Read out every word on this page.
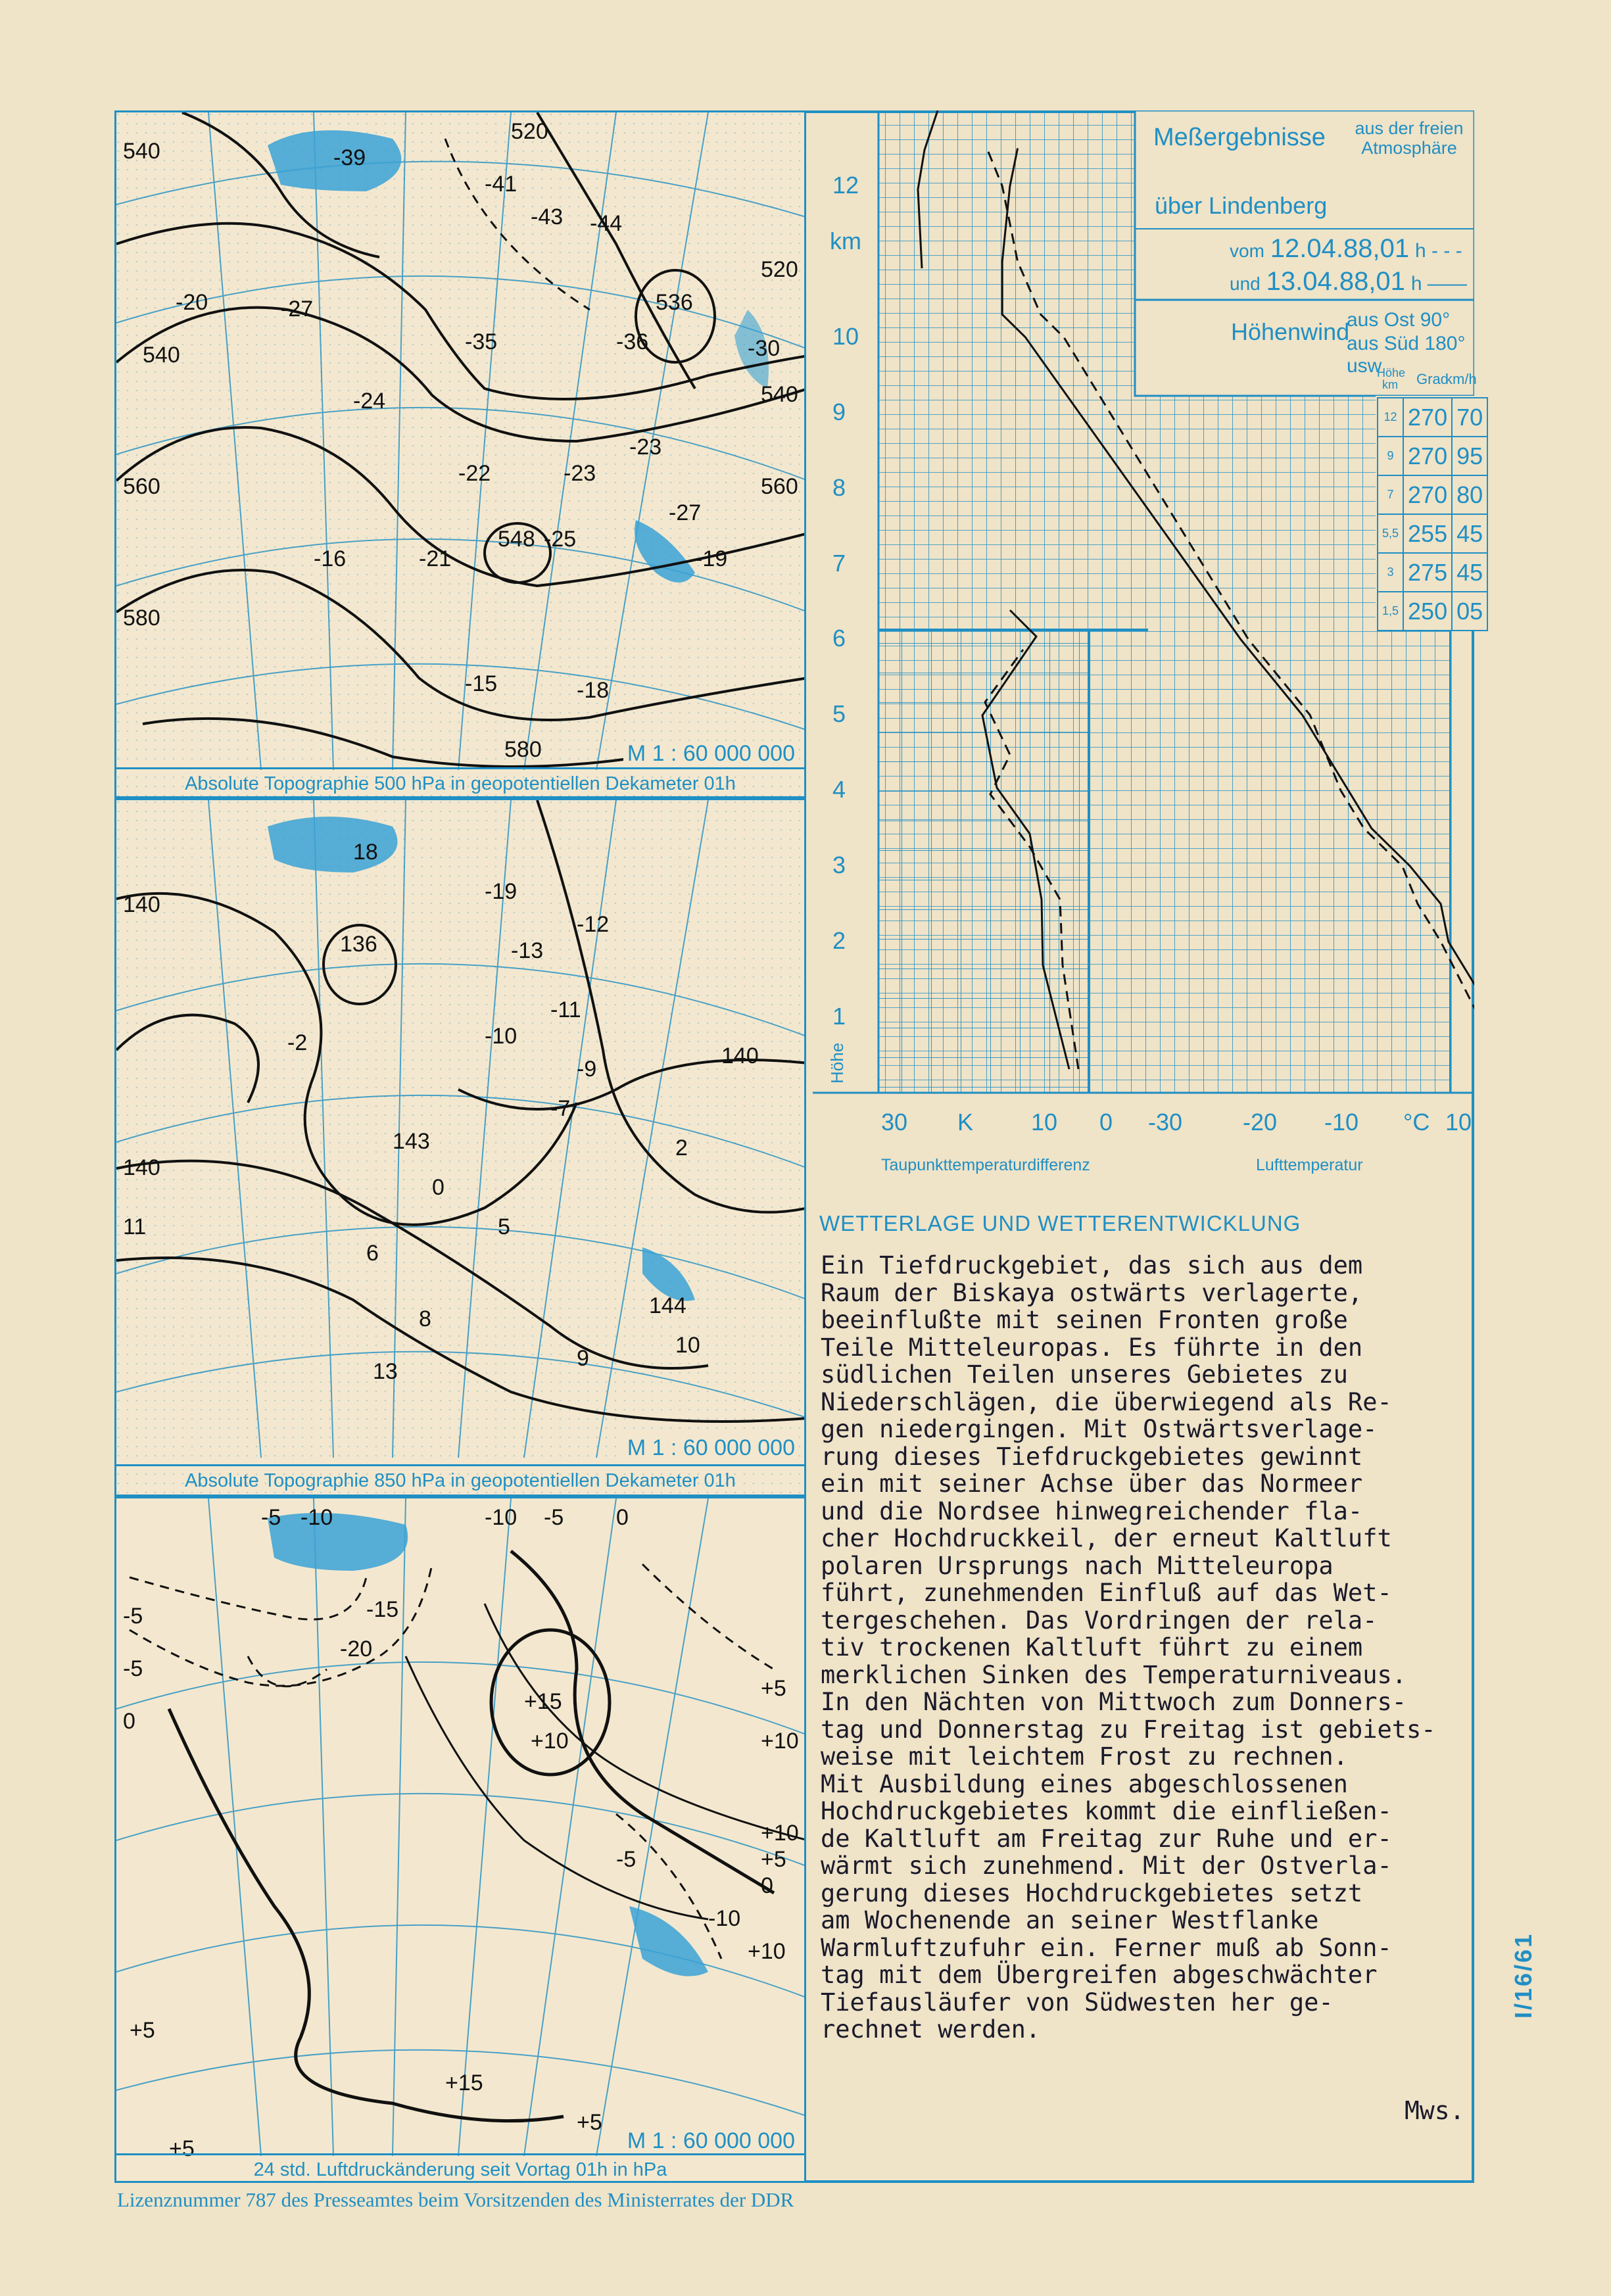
540
540
560
580
580
520
520
540
560
548
536
-39
-41
-44
-43
-36
-27
-35
-24
-23
-21
-16
-15	-18
-19
-20
-30
-22	-23
-27
-25
M 1 : 60 000 000
Absolute Topographie 500 hPa in geopotentiellen Dekameter 01h
140
140
140
136
143
144
18
-19
-12
-13
-11
-10
-9
-7
-2
2
5
6
8
9
10
13
11
0
M 1 : 60 000 000
Absolute Topographie 850 hPa in geopotentiellen Dekameter 01h
-5 -10	-10 -5 0
-5
-5
0
+5
+10
+15
+10
+10
+5
0
-5
+5
+10
+15
+5
+5
-20
-15
-10
M 1 : 60 000 000
24 std. Luftdruckänderung seit Vortag 01h in hPa
Meßergebnisse	aus der freien Atmosphäre
über Lindenberg
vom 12.04.88,01 h - - -
und 13.04.88,01 h ——
Höhenwind
aus Ost 90°
aus Süd 180° usw
Höhe km	Grad
km/h
12	270	70
9	270	95
7	270	80
5,5	255	45
3	275	45
1,5	250	05
km
12
10
9
8
7
6
5
4
3
2
1
Höhe
30 K 10 0 -30	-20 -10 °C 10
Taupunkttemperaturdifferenz	Lufttemperatur
WETTERLAGE UND WETTERENTWICKLUNG
Ein Tiefdruckgebiet, das sich aus dem
Raum der Biskaya ostwärts verlagerte,
beeinflußte mit seinen Fronten große
Teile Mitteleuropas. Es führte in den
südlichen Teilen unseres Gebietes zu
Niederschlägen, die überwiegend als Re-
gen niedergingen. Mit Ostwärtsverlage-
rung dieses Tiefdruckgebietes gewinnt
ein mit seiner Achse über das Normeer
und die Nordsee hinwegreichender fla-
cher Hochdruckkeil, der erneut Kaltluft
polaren Ursprungs nach Mitteleuropa
führt, zunehmenden Einfluß auf das Wet-
tergeschehen. Das Vordringen der rela-
tiv trockenen Kaltluft führt zu einem
merklichen Sinken des Temperaturniveaus.
In den Nächten von Mittwoch zum Donners-
tag und Donnerstag zu Freitag ist gebiets-
weise mit leichtem Frost zu rechnen.
Mit Ausbildung eines abgeschlossenen
Hochdruckgebietes kommt die einfließen-
de Kaltluft am Freitag zur Ruhe und er-
wärmt sich zunehmend. Mit der Ostverla-
gerung dieses Hochdruckgebietes setzt
am Wochenende an seiner Westflanke
Warmluftzufuhr ein. Ferner muß ab Sonn-
tag mit dem Übergreifen abgeschwächter
Tiefausläufer von Südwesten her ge-
rechnet werden.
Mws.
Lizenznummer 787 des Presseamtes beim Vorsitzenden des Ministerrates der DDR
I/16/61
